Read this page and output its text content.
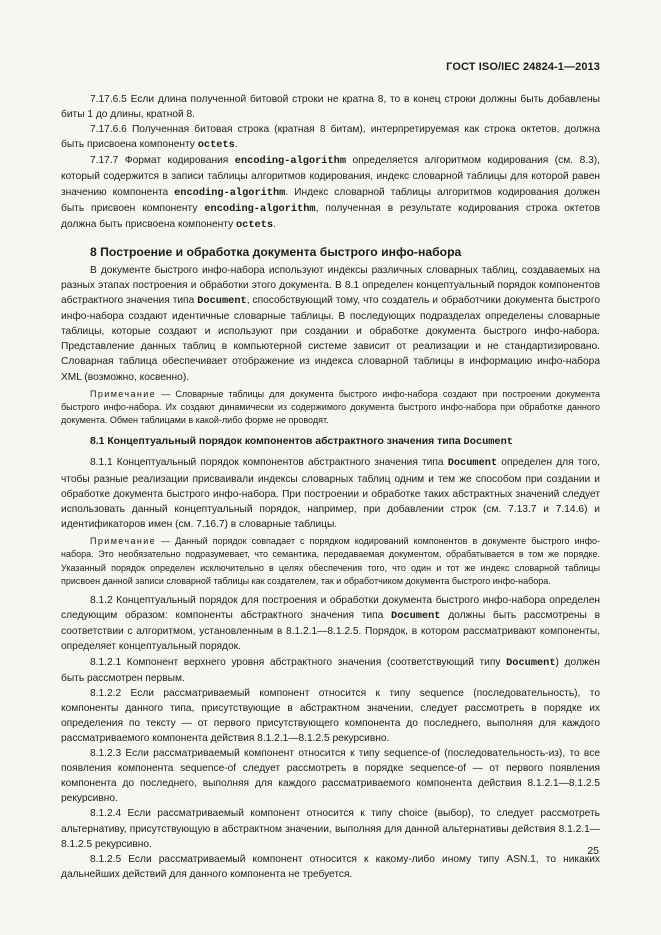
ГОСТ ISO/IEC 24824-1—2013

7.17.6.5 Если длина полученной битовой строки не кратна 8, то в конец строки должны быть добавлены биты 1 до длины, кратной 8.

7.17.6.6 Полученная битовая строка (кратная 8 битам), интерпретируемая как строка октетов, должна быть присвоена компоненту octets.

7.17.7 Формат кодирования encoding-algorithm определяется алгоритмом кодирования (см. 8.3), который содержится в записи таблицы алгоритмов кодирования, индекс словарной таблицы для которой равен значению компонента encoding-algorithm. Индекс словарной таблицы алгоритмов кодирования должен быть присвоен компоненту encoding-algorithm, полученная в результате кодирования строка октетов должна быть присвоена компоненту octets.

8 Построение и обработка документа быстрого инфо-набора

В документе быстрого инфо-набора используют индексы различных словарных таблиц, создаваемых на разных этапах построения и обработки этого документа. В 8.1 определен концептуальный порядок компонентов абстрактного значения типа Document, способствующий тому, что создатель и обработчики документа быстрого инфо-набора создают идентичные словарные таблицы. В последующих подразделах определены словарные таблицы, которые создают и используют при создании и обработке документа быстрого инфо-набора. Представление данных таблиц в компьютерной системе зависит от реализации и не стандартизировано. Словарная таблица обеспечивает отображение из индекса словарной таблицы в информацию инфо-набора XML (возможно, косвенно).

Примечание — Словарные таблицы для документа быстрого инфо-набора создают при построении документа быстрого инфо-набора. Их создают динамически из содержимого документа быстрого инфо-набора при обработке данного документа. Обмен таблицами в какой-либо форме не проводят.
8.1 Концептуальный порядок компонентов абстрактного значения типа Document

8.1.1 Концептуальный порядок компонентов абстрактного значения типа Document определен для того, чтобы разные реализации присваивали индексы словарных таблиц одним и тем же способом при создании и обработке документа быстрого инфо-набора. При построении и обработке таких абстрактных значений следует использовать данный концептуальный порядок, например, при добавлении строк (см. 7.13.7 и 7.14.6) и идентификаторов имен (см. 7.16.7) в словарные таблицы.

Примечание — Данный порядок совпадает с порядком кодирований компонентов в документе быстрого инфо-набора. Это необязательно подразумевает, что семантика, передаваемая документом, обрабатывается в том же порядке. Указанный порядок определен исключительно в целях обеспечения того, что один и тот же индекс словарной таблицы присвоен данной записи словарной таблицы как создателем, так и обработчиком документа быстрого инфо-набора.

8.1.2 Концептуальный порядок для построения и обработки документа быстрого инфо-набора определен следующим образом: компоненты абстрактного значения типа Document должны быть рассмотрены в соответствии с алгоритмом, установленным в 8.1.2.1—8.1.2.5. Порядок, в котором рассматривают компоненты, определяет концептуальный порядок.

8.1.2.1 Компонент верхнего уровня абстрактного значения (соответствующий типу Document) должен быть рассмотрен первым.

8.1.2.2 Если рассматриваемый компонент относится к типу sequence (последовательность), то компоненты данного типа, присутствующие в абстрактном значении, следует рассмотреть в порядке их определения по тексту — от первого присутствующего компонента до последнего, выполняя для каждого рассматриваемого компонента действия 8.1.2.1—8.1.2.5 рекурсивно.

8.1.2.3 Если рассматриваемый компонент относится к типу sequence-of (последовательность-из), то все появления компонента sequence-of следует рассмотреть в порядке sequence-of — от первого появления компонента до последнего, выполняя для каждого рассматриваемого компонента действия 8.1.2.1—8.1.2.5 рекурсивно.

8.1.2.4 Если рассматриваемый компонент относится к типу choice (выбор), то следует рассмотреть альтернативу, присутствующую в абстрактном значении, выполняя для данной альтернативы действия 8.1.2.1—8.1.2.5 рекурсивно.

8.1.2.5 Если рассматриваемый компонент относится к какому-либо иному типу ASN.1, то никаких дальнейших действий для данного компонента не требуется.

25
